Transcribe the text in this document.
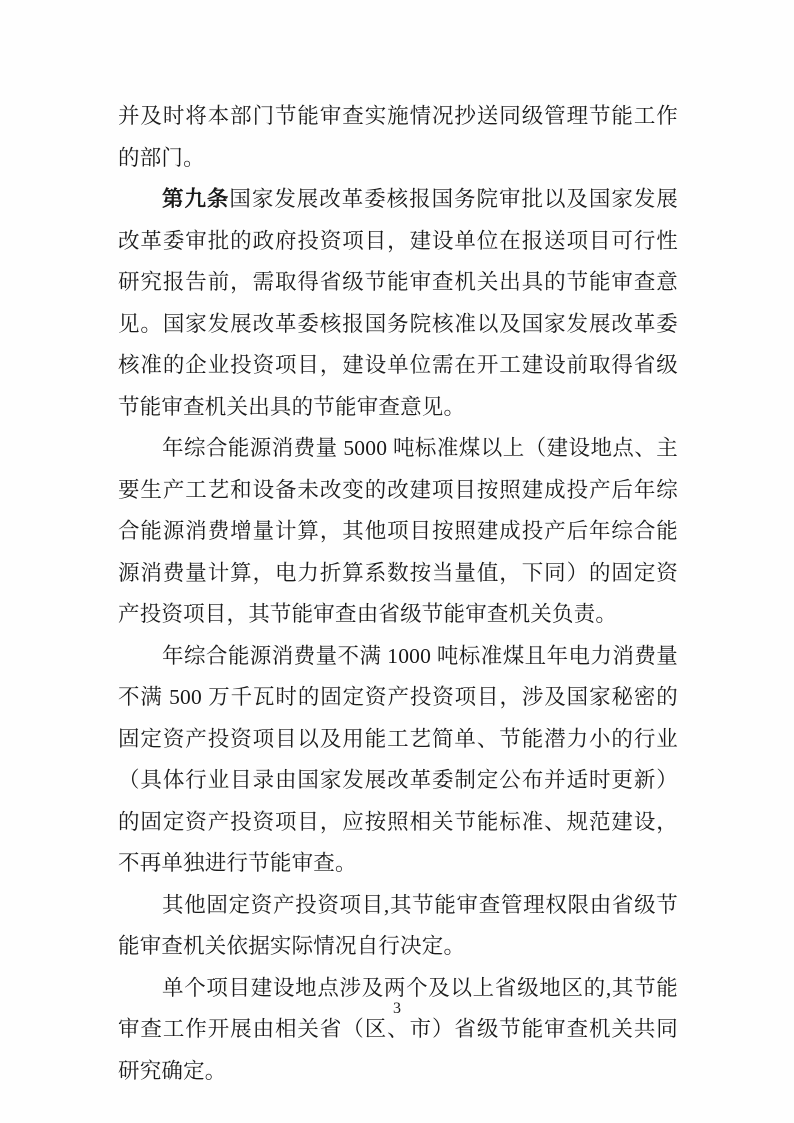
并及时将本部门节能审查实施情况抄送同级管理节能工作的部门。

第九条国家发展改革委核报国务院审批以及国家发展改革委审批的政府投资项目，建设单位在报送项目可行性研究报告前，需取得省级节能审查机关出具的节能审查意见。国家发展改革委核报国务院核准以及国家发展改革委核准的企业投资项目，建设单位需在开工建设前取得省级节能审查机关出具的节能审查意见。

年综合能源消费量 5000 吨标准煤以上（建设地点、主要生产工艺和设备未改变的改建项目按照建成投产后年综合能源消费增量计算，其他项目按照建成投产后年综合能源消费量计算，电力折算系数按当量值，下同）的固定资产投资项目，其节能审查由省级节能审查机关负责。

年综合能源消费量不满 1000 吨标准煤且年电力消费量不满 500 万千瓦时的固定资产投资项目，涉及国家秘密的固定资产投资项目以及用能工艺简单、节能潜力小的行业（具体行业目录由国家发展改革委制定公布并适时更新）的固定资产投资项目，应按照相关节能标准、规范建设，不再单独进行节能审查。

其他固定资产投资项目,其节能审查管理权限由省级节能审查机关依据实际情况自行决定。

单个项目建设地点涉及两个及以上省级地区的,其节能审查工作开展由相关省（区、市）省级节能审查机关共同研究确定。

3
